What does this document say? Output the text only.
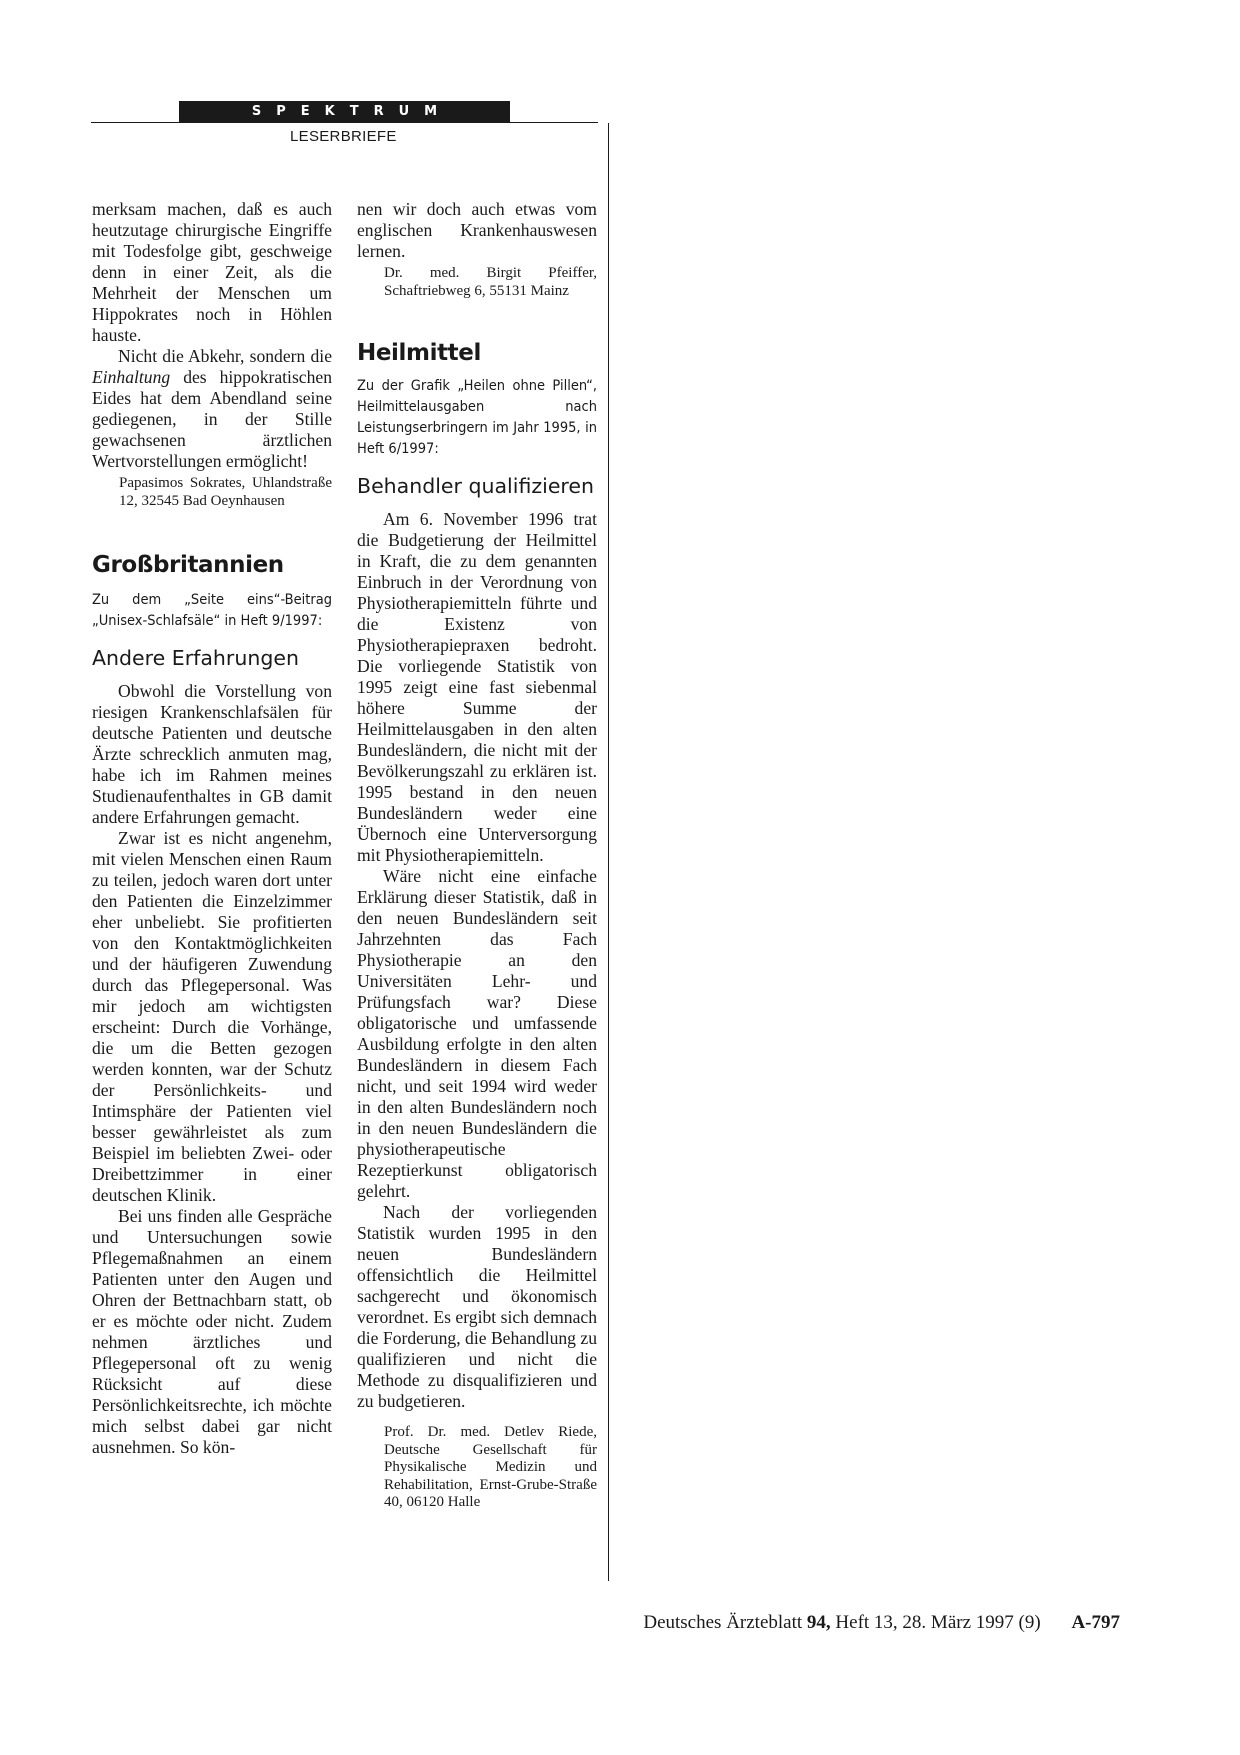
SPEKTRUM
LESERBRIEFE

merksam machen, daß es auch heutzutage chirurgische Eingriffe mit Todesfolge gibt, geschweige denn in einer Zeit, als die Mehrheit der Menschen um Hippokrates noch in Höhlen hauste.

Nicht die Abkehr, sondern die Einhaltung des hippokratischen Eides hat dem Abendland seine gediegenen, in der Stille gewachsenen ärztlichen Wertvorstellungen ermöglicht!

Papasimos Sokrates, Uhlandstraße 12, 32545 Bad Oeynhausen

Großbritannien

Zu dem „Seite eins“-Beitrag „Unisex-Schlafsäle“ in Heft 9/1997:

Andere Erfahrungen

Obwohl die Vorstellung von riesigen Krankenschlafsälen für deutsche Patienten und deutsche Ärzte schrecklich anmuten mag, habe ich im Rahmen meines Studienaufenthaltes in GB damit andere Erfahrungen gemacht.

Zwar ist es nicht angenehm, mit vielen Menschen einen Raum zu teilen, jedoch waren dort unter den Patienten die Einzelzimmer eher unbeliebt. Sie profitierten von den Kontaktmöglichkeiten und der häufigeren Zuwendung durch das Pflegepersonal. Was mir jedoch am wichtigsten erscheint: Durch die Vorhänge, die um die Betten gezogen werden konnten, war der Schutz der Persönlichkeits- und Intimsphäre der Patienten viel besser gewährleistet als zum Beispiel im beliebten Zwei- oder Dreibettzimmer in einer deutschen Klinik.

Bei uns finden alle Gespräche und Untersuchungen sowie Pflegemaßnahmen an einem Patienten unter den Augen und Ohren der Bettnachbarn statt, ob er es möchte oder nicht. Zudem nehmen ärztliches und Pflegepersonal oft zu wenig Rücksicht auf diese Persönlichkeitsrechte, ich möchte mich selbst dabei gar nicht ausnehmen. So kön-

nen wir doch auch etwas vom englischen Krankenhauswesen lernen.

Dr. med. Birgit Pfeiffer, Schaftriebweg 6, 55131 Mainz

Heilmittel

Zu der Grafik „Heilen ohne Pillen“, Heilmittelausgaben nach Leistungserbringern im Jahr 1995, in Heft 6/1997:

Behandler qualifizieren

Am 6. November 1996 trat die Budgetierung der Heilmittel in Kraft, die zu dem genannten Einbruch in der Verordnung von Physiotherapiemitteln führte und die Existenz von Physiotherapiepraxen bedroht. Die vorliegende Statistik von 1995 zeigt eine fast siebenmal höhere Summe der Heilmittelausgaben in den alten Bundesländern, die nicht mit der Bevölkerungszahl zu erklären ist. 1995 bestand in den neuen Bundesländern weder eine Übernoch eine Unterversorgung mit Physiotherapiemitteln.

Wäre nicht eine einfache Erklärung dieser Statistik, daß in den neuen Bundesländern seit Jahrzehnten das Fach Physiotherapie an den Universitäten Lehr- und Prüfungsfach war? Diese obligatorische und umfassende Ausbildung erfolgte in den alten Bundesländern in diesem Fach nicht, und seit 1994 wird weder in den alten Bundesländern noch in den neuen Bundesländern die physiotherapeutische Rezeptierkunst obligatorisch gelehrt.

Nach der vorliegenden Statistik wurden 1995 in den neuen Bundesländern offensichtlich die Heilmittel sachgerecht und ökonomisch verordnet. Es ergibt sich demnach die Forderung, die Behandlung zu qualifizieren und nicht die Methode zu disqualifizieren und zu budgetieren.

Prof. Dr. med. Detlev Riede, Deutsche Gesellschaft für Physikalische Medizin und Rehabilitation, Ernst-Grube-Straße 40, 06120 Halle

Deutsches Ärzteblatt 94, Heft 13, 28. März 1997 (9) A-797
